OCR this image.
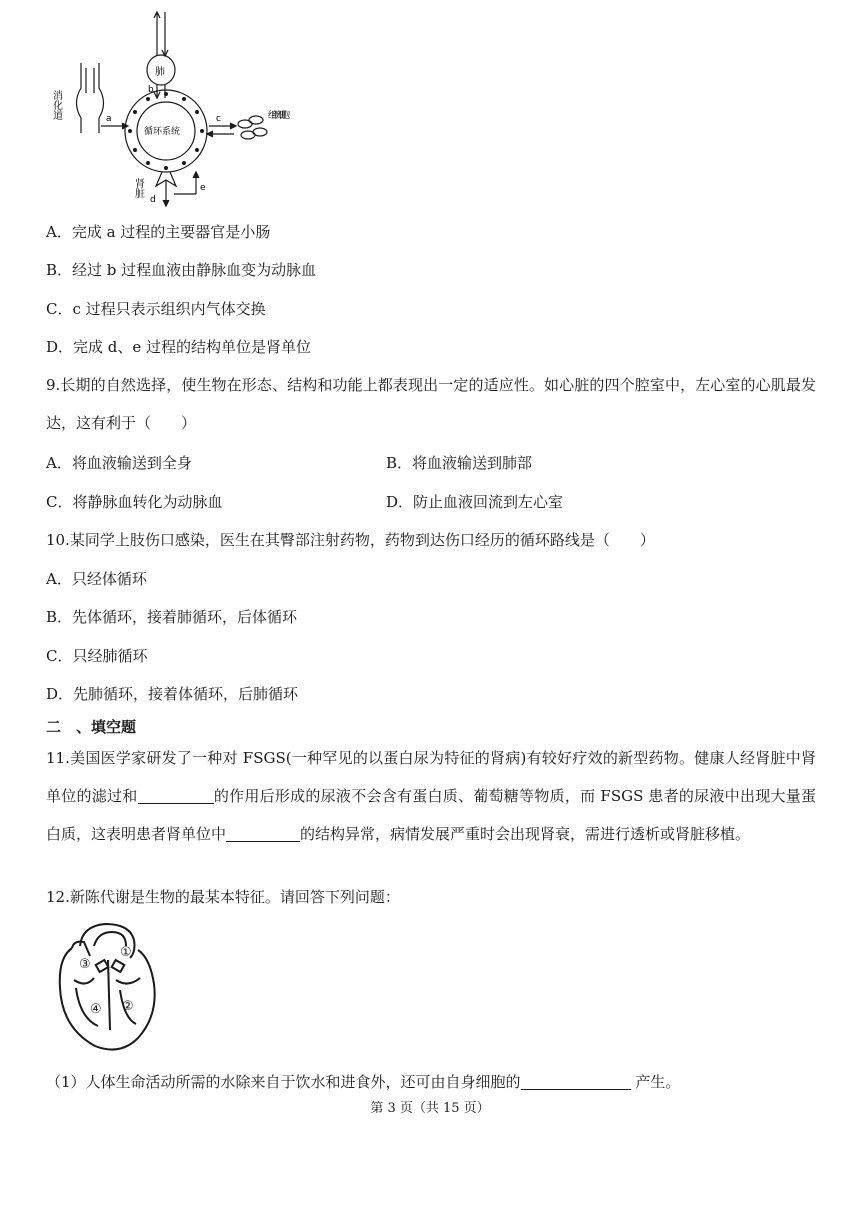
消化道
肺
循环系统
组织细胞
肾脏
a
b
c
d
e
A．完成 a 过程的主要器官是小肠
B．经过 b 过程血液由静脉血变为动脉血
C．c 过程只表示组织内气体交换
D．完成 d、e 过程的结构单位是肾单位
9.长期的自然选择，使生物在形态、结构和功能上都表现出一定的适应性。如心脏的四个腔室中，左心室的心肌最发达，这有利于（　　）
A．将血液输送到全身	B．将血液输送到肺部
C．将静脉血转化为动脉血	D．防止血液回流到左心室
10.某同学上肢伤口感染，医生在其臀部注射药物，药物到达伤口经历的循环路线是（　　）
A．只经体循环
B．先体循环，接着肺循环，后体循环
C．只经肺循环
D．先肺循环，接着体循环，后肺循环
二　、填空题
11.美国医学家研发了一种对 FSGS(一种罕见的以蛋白尿为特征的肾病)有较好疗效的新型药物。健康人经肾脏中肾单位的滤过和	的作用后形成的尿液不会含有蛋白质、葡萄糖等物质，而 FSGS 患者的尿液中出现大量蛋白质，这表明患者肾单位中	的结构异常，病情发展严重时会出现肾衰，需进行透析或肾脏移植。
12.新陈代谢是生物的最某本特征。请回答下列问题：
③
①
④ ②
（1）人体生命活动所需的水除来自于饮水和进食外，还可由自身细胞的	产生。
第 3 页（共 15 页）
